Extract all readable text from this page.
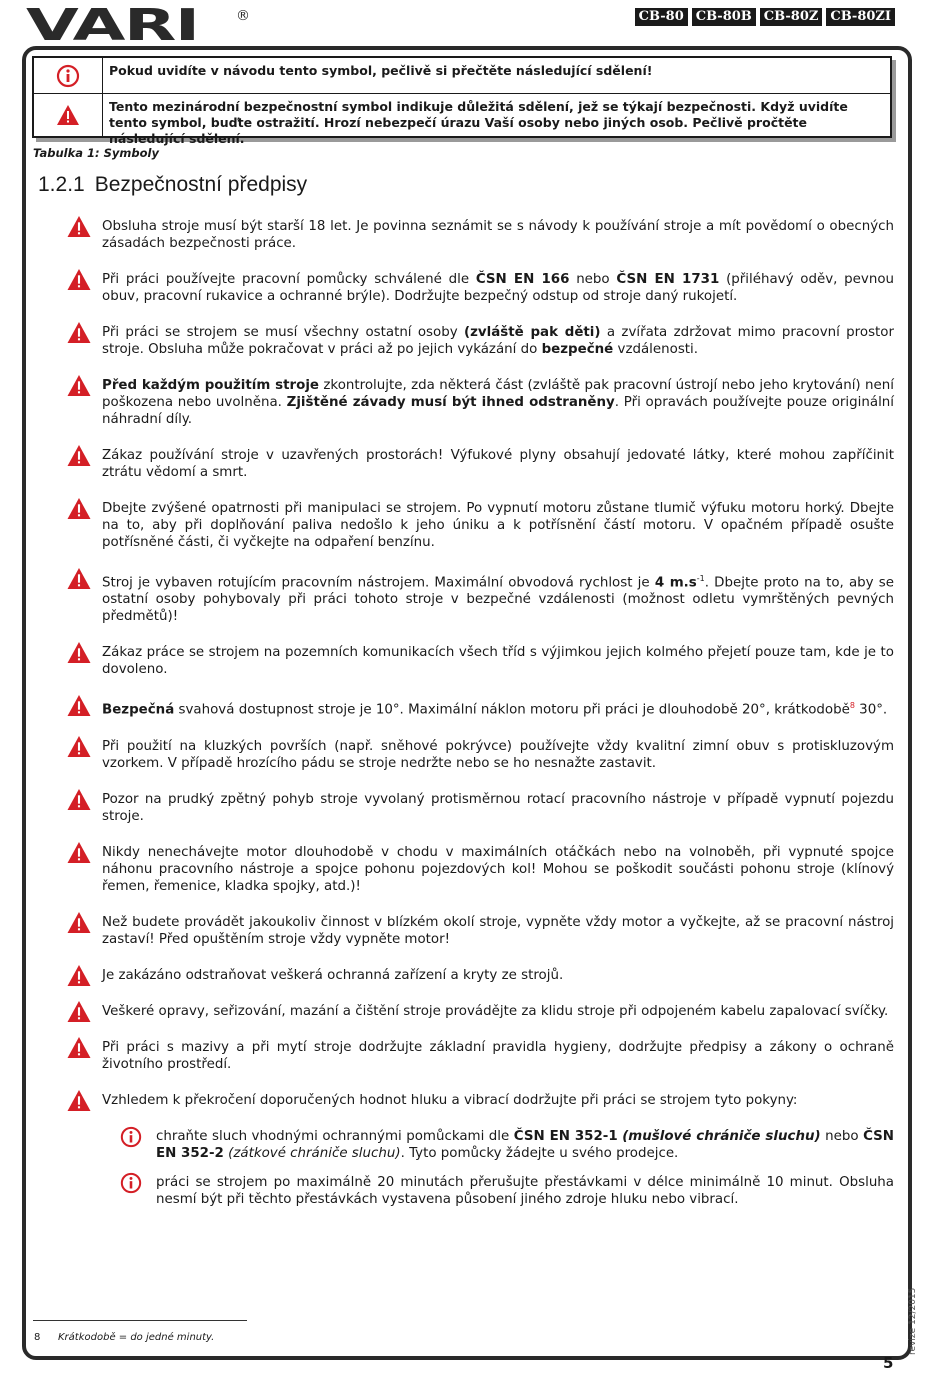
VARI	®	CB-80 CB-80B CB-80Z CB-80ZI
Pokud uvidíte v návodu tento symbol, pečlivě si přečtěte následující sdělení!
Tento mezinárodní bezpečnostní symbol indikuje důležitá sdělení, jež se týkají bezpečnosti. Když uvidíte tento symbol, buďte ostražití. Hrozí nebezpečí úrazu Vaší osoby nebo jiných osob. Pečlivě pročtěte následující sdělení.
Tabulka 1: Symboly
1.2.1 Bezpečnostní předpisy
Obsluha stroje musí být starší 18 let. Je povinna seznámit se s návody k používání stroje a mít povědomí o obecných zásadách bezpečnosti práce.
Při práci používejte pracovní pomůcky schválené dle ČSN EN 166 nebo ČSN EN 1731 (přiléhavý oděv, pevnou obuv, pracovní rukavice a ochranné brýle). Dodržujte bezpečný odstup od stroje daný rukojetí.
Při práci se strojem se musí všechny ostatní osoby (zvláště pak děti) a zvířata zdržovat mimo pracovní prostor stroje. Obsluha může pokračovat v práci až po jejich vykázání do bezpečné vzdálenosti.
Před každým použitím stroje zkontrolujte, zda některá část (zvláště pak pracovní ústrojí nebo jeho krytování) není poškozena nebo uvolněna. Zjištěné závady musí být ihned odstraněny. Při opravách používejte pouze originální náhradní díly.
Zákaz používání stroje v uzavřených prostorách! Výfukové plyny obsahují jedovaté látky, které mohou zapříčinit ztrátu vědomí a smrt.
Dbejte zvýšené opatrnosti při manipulaci se strojem. Po vypnutí motoru zůstane tlumič výfuku motoru horký. Dbejte na to, aby při doplňování paliva nedošlo k jeho úniku a k potřísnění částí motoru. V opačném případě osušte potřísněné části, či vyčkejte na odpaření benzínu.
Stroj je vybaven rotujícím pracovním nástrojem. Maximální obvodová rychlost je 4 $m.s^{-1}$. Dbejte proto na to, aby se ostatní osoby pohybovaly při práci tohoto stroje v bezpečné vzdálenosti (možnost odletu vymrštěných pevných předmětů)!
Zákaz práce se strojem na pozemních komunikacích všech tříd s výjimkou jejich kolmého přejetí pouze tam, kde je to dovoleno.
Bezpečná svahová dostupnost stroje je 10°. Maximální náklon motoru při práci je dlouhodobě 20°, krátkodobě$^8$ 30°.
Při použití na kluzkých površích (např. sněhové pokrývce) používejte vždy kvalitní zimní obuv s protiskluzovým vzorkem. V případě hrozícího pádu se stroje nedržte nebo se ho nesnažte zastavit.
Pozor na prudký zpětný pohyb stroje vyvolaný protisměrnou rotací pracovního nástroje v případě vypnutí pojezdu stroje.
Nikdy nenechávejte motor dlouhodobě v chodu v maximálních otáčkách nebo na volnoběh, při vypnuté spojce náhonu pracovního nástroje a spojce pohonu pojezdových kol! Mohou se poškodit součásti pohonu stroje (klínový řemen, řemenice, kladka spojky, atd.)!
Než budete provádět jakoukoliv činnost v blízkém okolí stroje, vypněte vždy motor a vyčkejte, až se pracovní nástroj zastaví! Před opuštěním stroje vždy vypněte motor!
Je zakázáno odstraňovat veškerá ochranná zařízení a kryty ze strojů.
Veškeré opravy, seřizování, mazání a čištění stroje provádějte za klidu stroje při odpojeném kabelu zapalovací svíčky.
Při práci s mazivy a při mytí stroje dodržujte základní pravidla hygieny, dodržujte předpisy a zákony o ochraně životního prostředí.
Vzhledem k překročení doporučených hodnot hluku a vibrací dodržujte při práci se strojem tyto pokyny:
chraňte sluch vhodnými ochrannými pomůckami dle ČSN EN 352-1 (mušlové chrániče sluchu) nebo ČSN EN 352-2 (zátkové chrániče sluchu). Tyto pomůcky žádejte u svého prodejce.
práci se strojem po maximálně 20 minutách přerušujte přestávkami v délce minimálně 10 minut. Obsluha nesmí být při těchto přestávkách vystavena působení jiného zdroje hluku nebo vibrací.
8 Krátkodobě = do jedné minuty.	revize 12/2015
5
